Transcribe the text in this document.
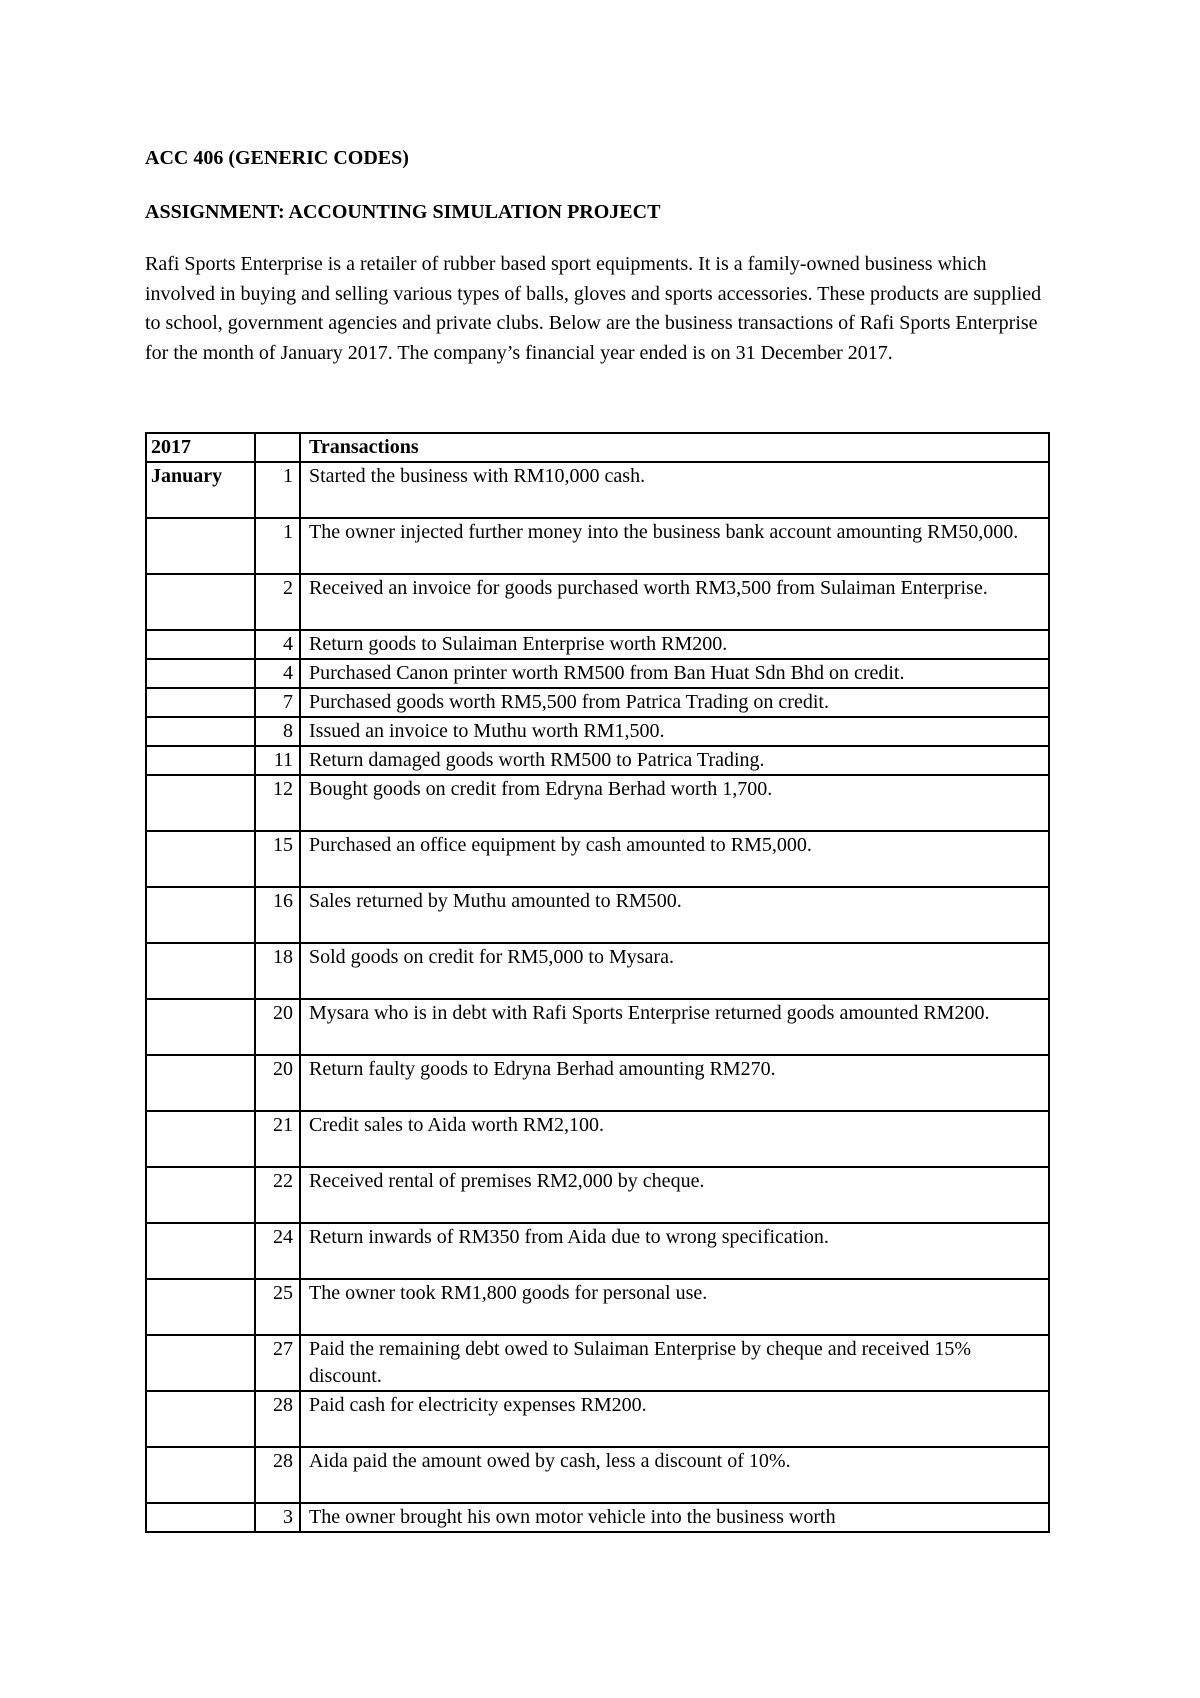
ACC 406 (GENERIC CODES)

ASSIGNMENT: ACCOUNTING SIMULATION PROJECT

Rafi Sports Enterprise is a retailer of rubber based sport equipments. It is a family-owned business which involved in buying and selling various types of balls, gloves and sports accessories. These products are supplied to school, government agencies and private clubs. Below are the business transactions of Rafi Sports Enterprise for the month of January 2017. The company’s financial year ended is on 31 December 2017.

2017		Transactions
January	1	Started the business with RM10,000 cash.
	1	The owner injected further money into the business bank account amounting RM50,000.
	2	Received an invoice for goods purchased worth RM3,500 from Sulaiman Enterprise.
	4	Return goods to Sulaiman Enterprise worth RM200.
	4	Purchased Canon printer worth RM500 from Ban Huat Sdn Bhd on credit.
	7	Purchased goods worth RM5,500 from Patrica Trading on credit.
	8	Issued an invoice to Muthu worth RM1,500.
	11	Return damaged goods worth RM500 to Patrica Trading.
	12	Bought goods on credit from Edryna Berhad worth 1,700.
	15	Purchased an office equipment by cash amounted to RM5,000.
	16	Sales returned by Muthu amounted to RM500.
	18	Sold goods on credit for RM5,000 to Mysara.
	20	Mysara who is in debt with Rafi Sports Enterprise returned goods amounted RM200.
	20	Return faulty goods to Edryna Berhad amounting RM270.
	21	Credit sales to Aida worth RM2,100.
	22	Received rental of premises RM2,000 by cheque.
	24	Return inwards of RM350 from Aida due to wrong specification.
	25	The owner took RM1,800 goods for personal use.
	27	Paid the remaining debt owed to Sulaiman Enterprise by cheque and received 15% discount.
	28	Paid cash for electricity expenses RM200.
	28	Aida paid the amount owed by cash, less a discount of 10%.
	3	The owner brought his own motor vehicle into the business worth
